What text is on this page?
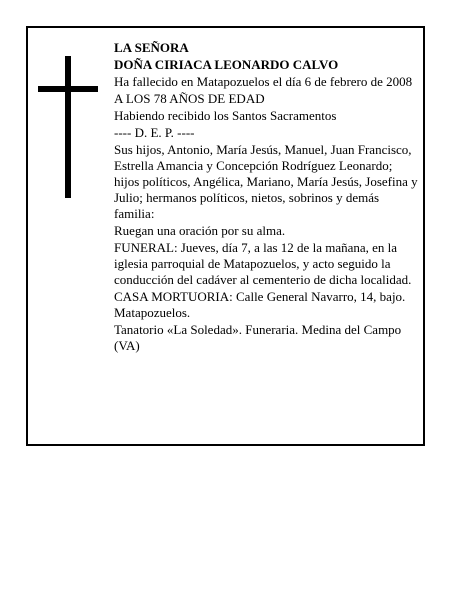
LA SEÑORA

DOÑA CIRIACA LEONARDO CALVO

Ha fallecido en Matapozuelos el día 6 de febrero de 2008

A LOS 78 AÑOS DE EDAD

Habiendo recibido los Santos Sacramentos

---- D. E. P. ----

Sus hijos, Antonio, María Jesús, Manuel, Juan Francisco, Estrella Amancia y Concepción Rodríguez Leonardo; hijos políticos, Angélica, Mariano, María Jesús, Josefina y Julio; hermanos políticos, nietos, sobrinos y demás familia:

Ruegan una oración por su alma.

FUNERAL: Jueves, día 7, a las 12 de la mañana, en la iglesia parroquial de Matapozuelos, y acto seguido la conducción del cadáver al cementerio de dicha localidad.

CASA MORTUORIA: Calle General Navarro, 14, bajo. Matapozuelos.

Tanatorio «La Soledad». Funeraria. Medina del Campo (VA)
